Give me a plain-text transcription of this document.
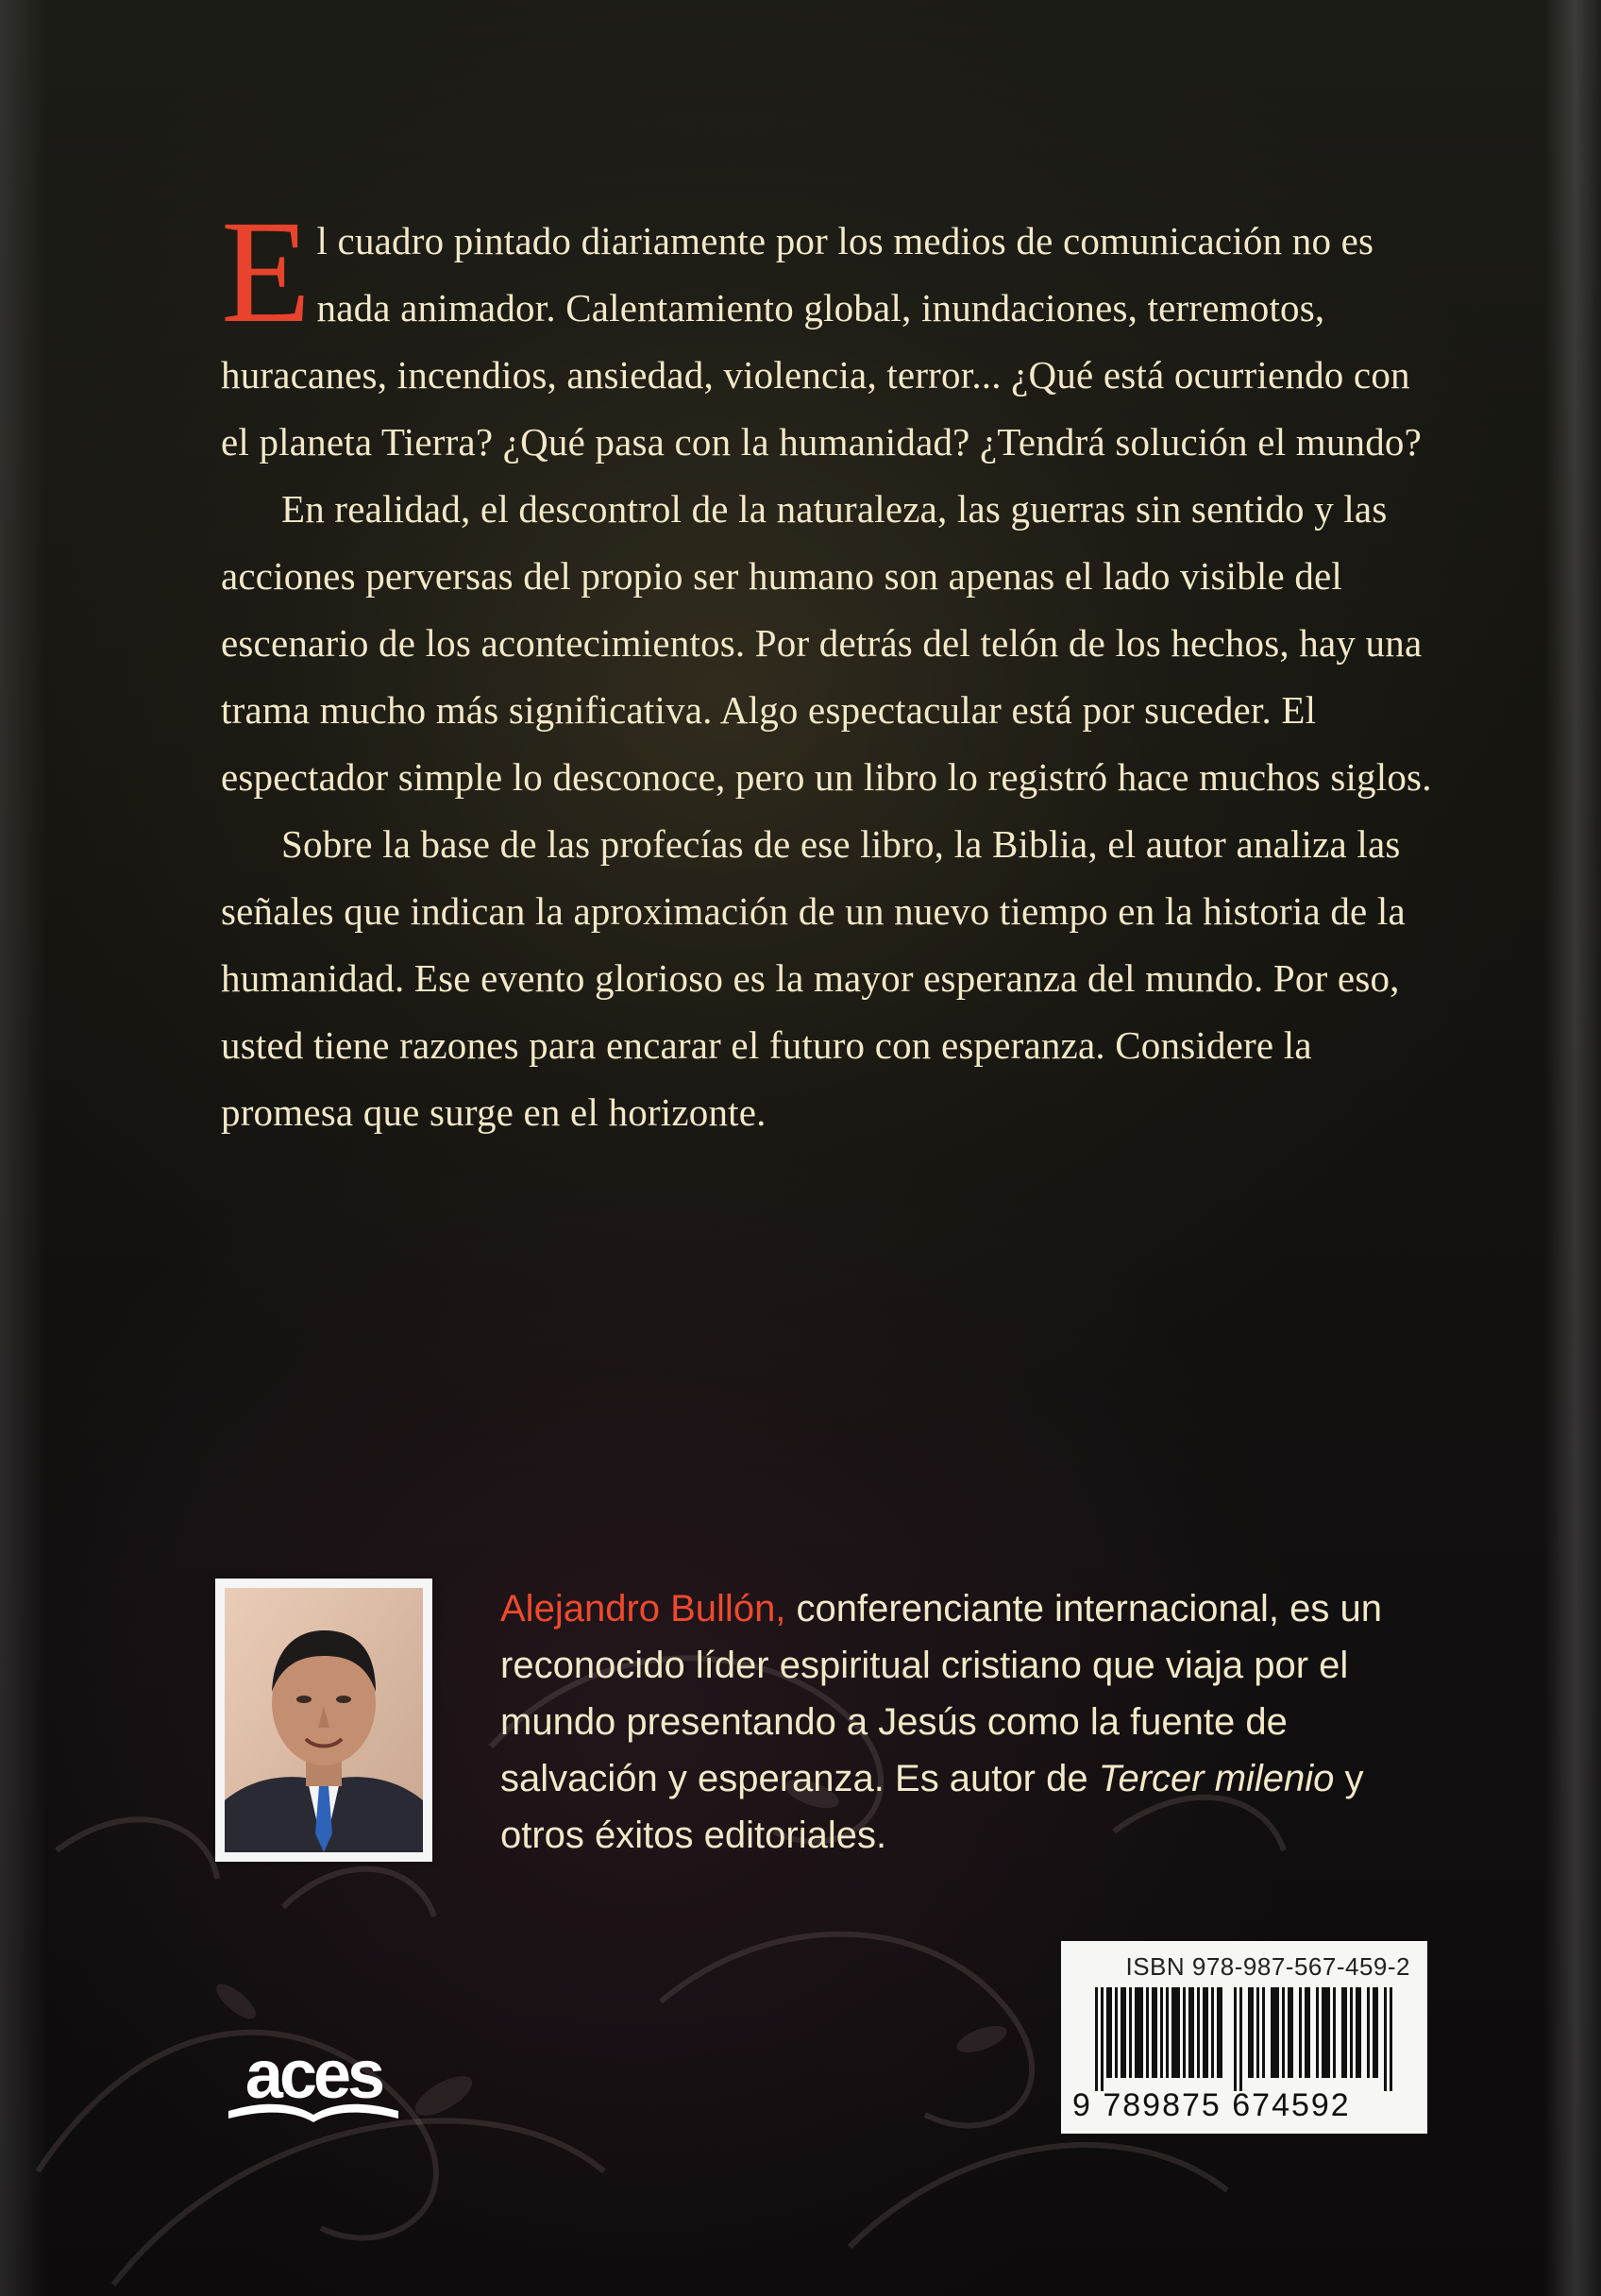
El cuadro pintado diariamente por los medios de comunicación no es nada animador. Calentamiento global, inundaciones, terremotos, huracanes, incendios, ansiedad, violencia, terror... ¿Qué está ocurriendo con el planeta Tierra? ¿Qué pasa con la humanidad? ¿Tendrá solución el mundo?

En realidad, el descontrol de la naturaleza, las guerras sin sentido y las acciones perversas del propio ser humano son apenas el lado visible del escenario de los acontecimientos. Por detrás del telón de los hechos, hay una trama mucho más significativa. Algo espectacular está por suceder. El espectador simple lo desconoce, pero un libro lo registró hace muchos siglos.

Sobre la base de las profecías de ese libro, la Biblia, el autor analiza las señales que indican la aproximación de un nuevo tiempo en la historia de la humanidad. Ese evento glorioso es la mayor esperanza del mundo. Por eso, usted tiene razones para encarar el futuro con esperanza. Considere la promesa que surge en el horizonte.

Alejandro Bullón, conferenciante internacional, es un reconocido líder espiritual cristiano que viaja por el mundo presentando a Jesús como la fuente de salvación y esperanza. Es autor de Tercer milenio y otros éxitos editoriales.
aces
ISBN 978-987-567-459-2
9 789875 674592
